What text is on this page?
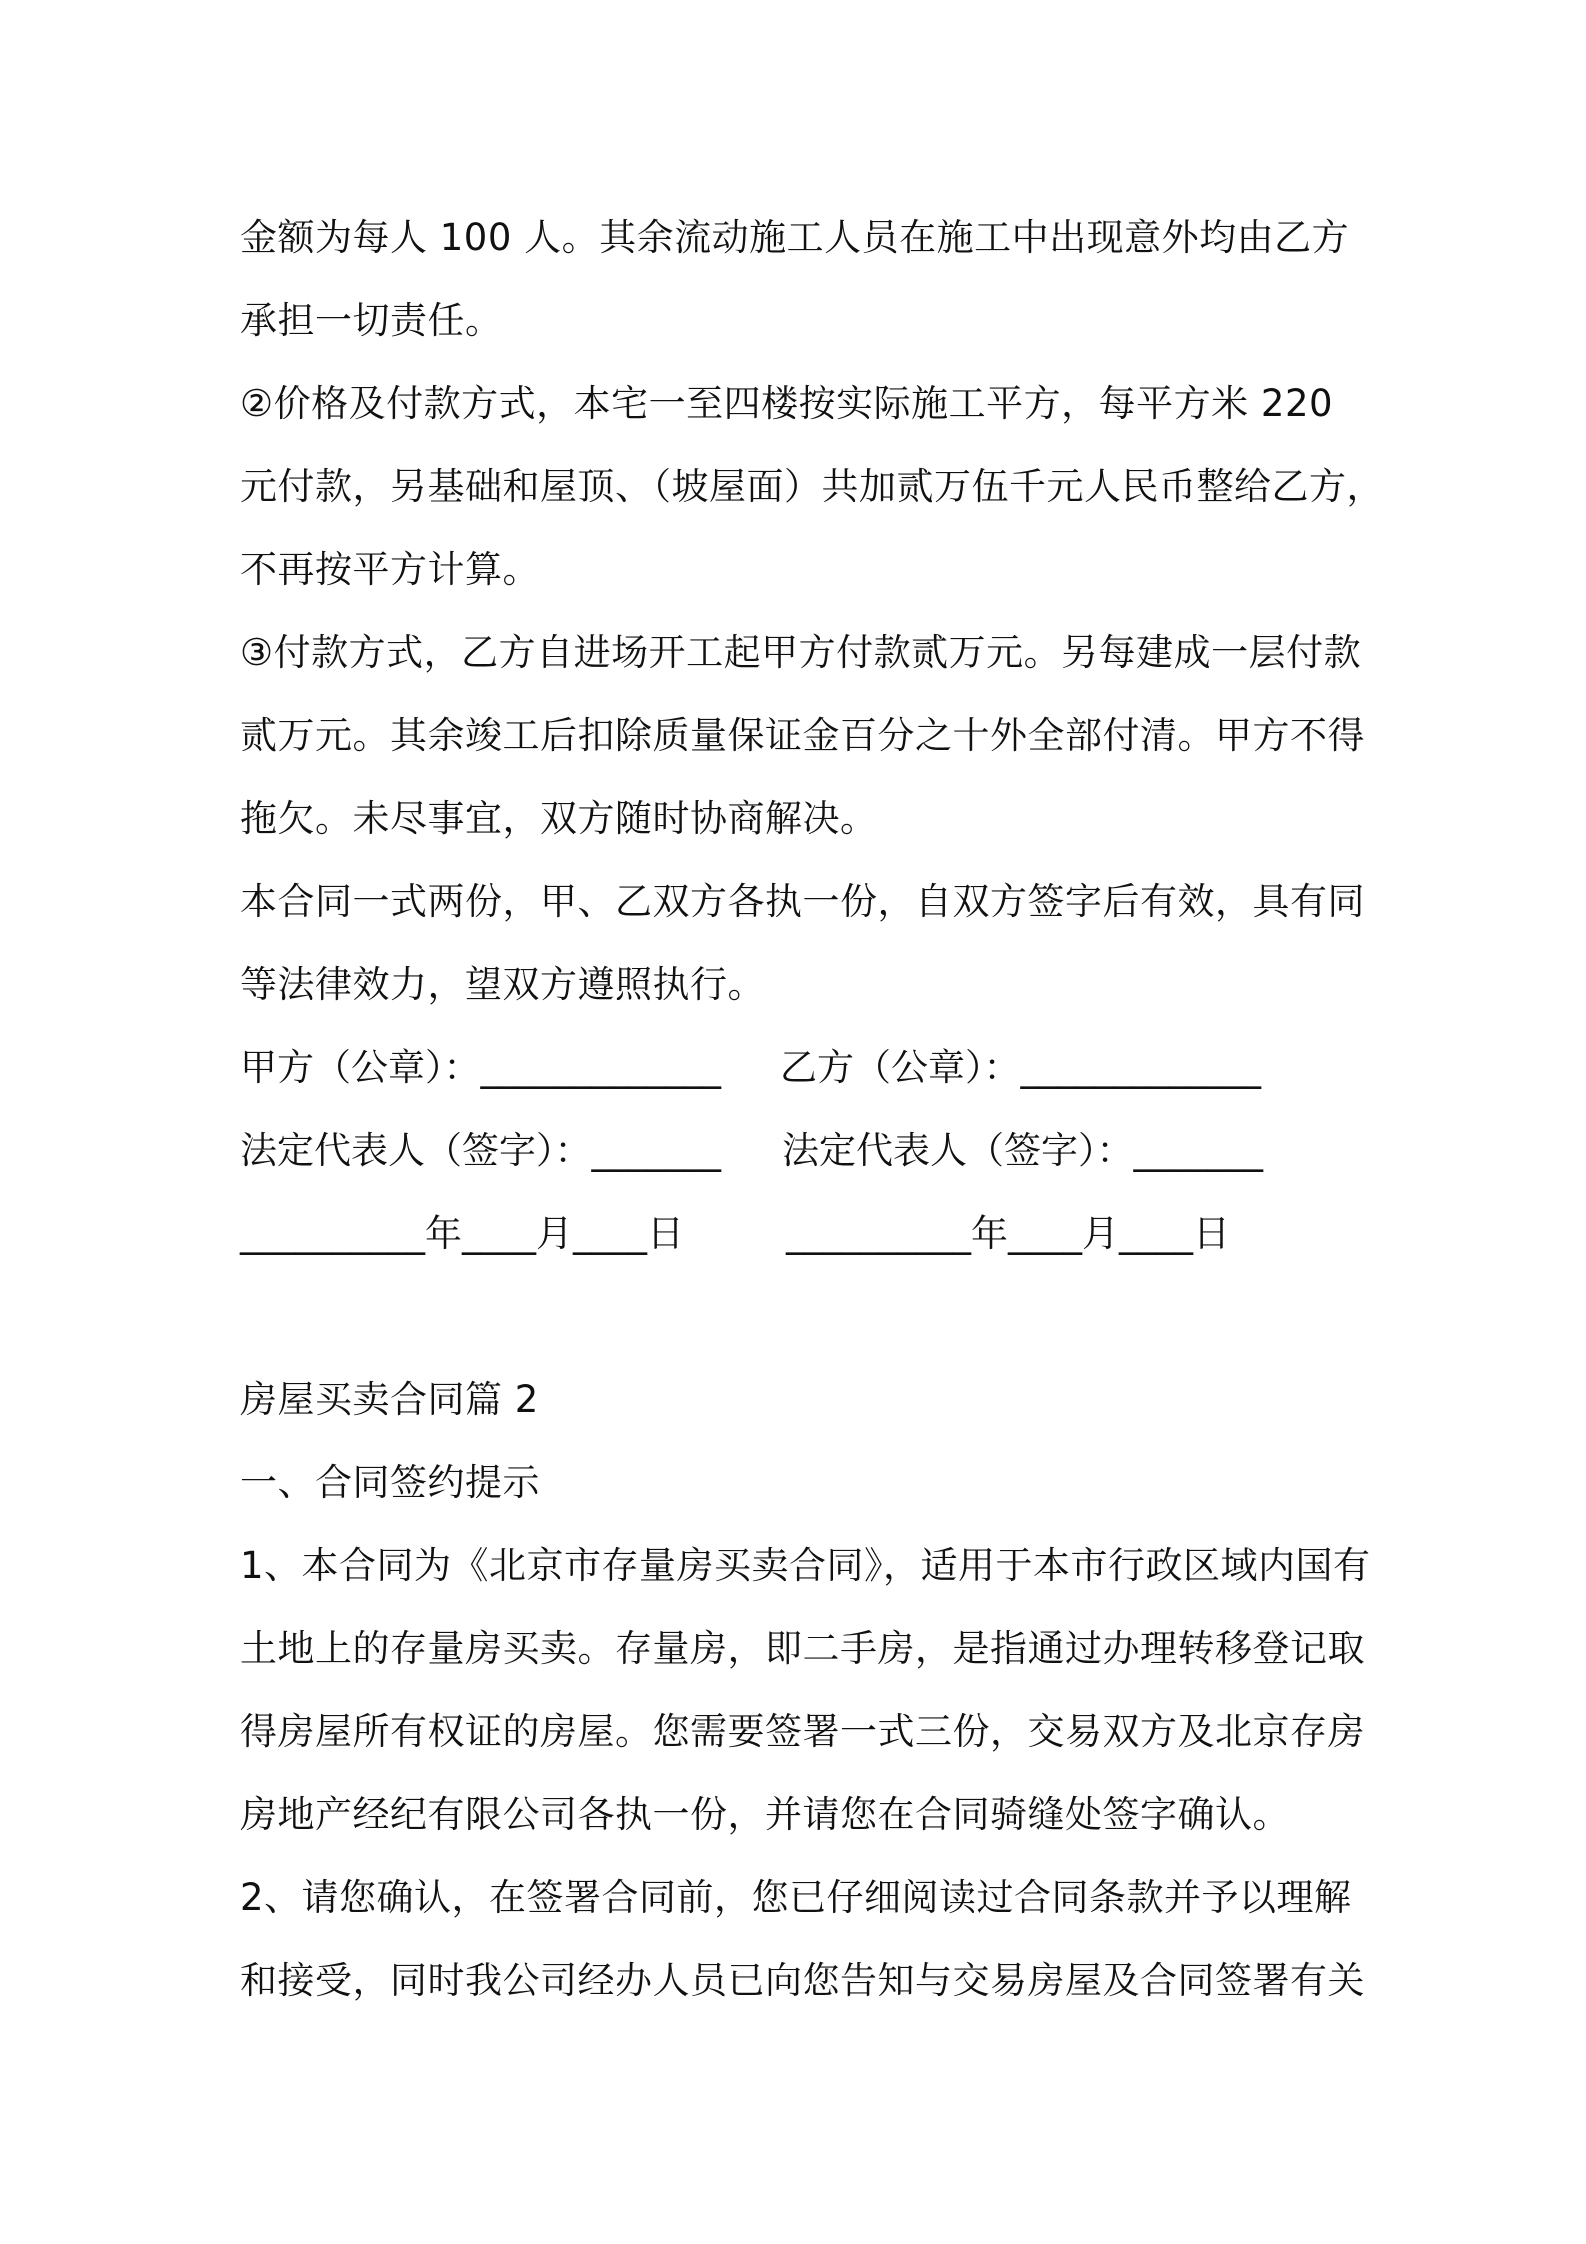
金额为每人 100 人。其余流动施工人员在施工中出现意外均由乙方
承担一切责任。
②价格及付款方式，本宅一至四楼按实际施工平方，每平方米 220
元付款，另基础和屋顶、（坡屋面）共加贰万伍千元人民币整给乙方，
不再按平方计算。
③付款方式，乙方自进场开工起甲方付款贰万元。另每建成一层付款
贰万元。其余竣工后扣除质量保证金百分之十外全部付清。甲方不得
拖欠。未尽事宜，双方随时协商解决。
本合同一式两份，甲、乙双方各执一份，自双方签字后有效，具有同
等法律效力，望双方遵照执行。
甲方（公章）：_____________ 乙方（公章）：_____________
法定代表人（签字）：_______ 法定代表人（签字）：_______
__________年____月____日	__________年____月____日
房屋买卖合同篇 2
一、合同签约提示
1、本合同为《北京市存量房买卖合同》，适用于本市行政区域内国有
土地上的存量房买卖。存量房，即二手房，是指通过办理转移登记取
得房屋所有权证的房屋。您需要签署一式三份，交易双方及北京存房
房地产经纪有限公司各执一份，并请您在合同骑缝处签字确认。
2、请您确认，在签署合同前，您已仔细阅读过合同条款并予以理解
和接受，同时我公司经办人员已向您告知与交易房屋及合同签署有关
